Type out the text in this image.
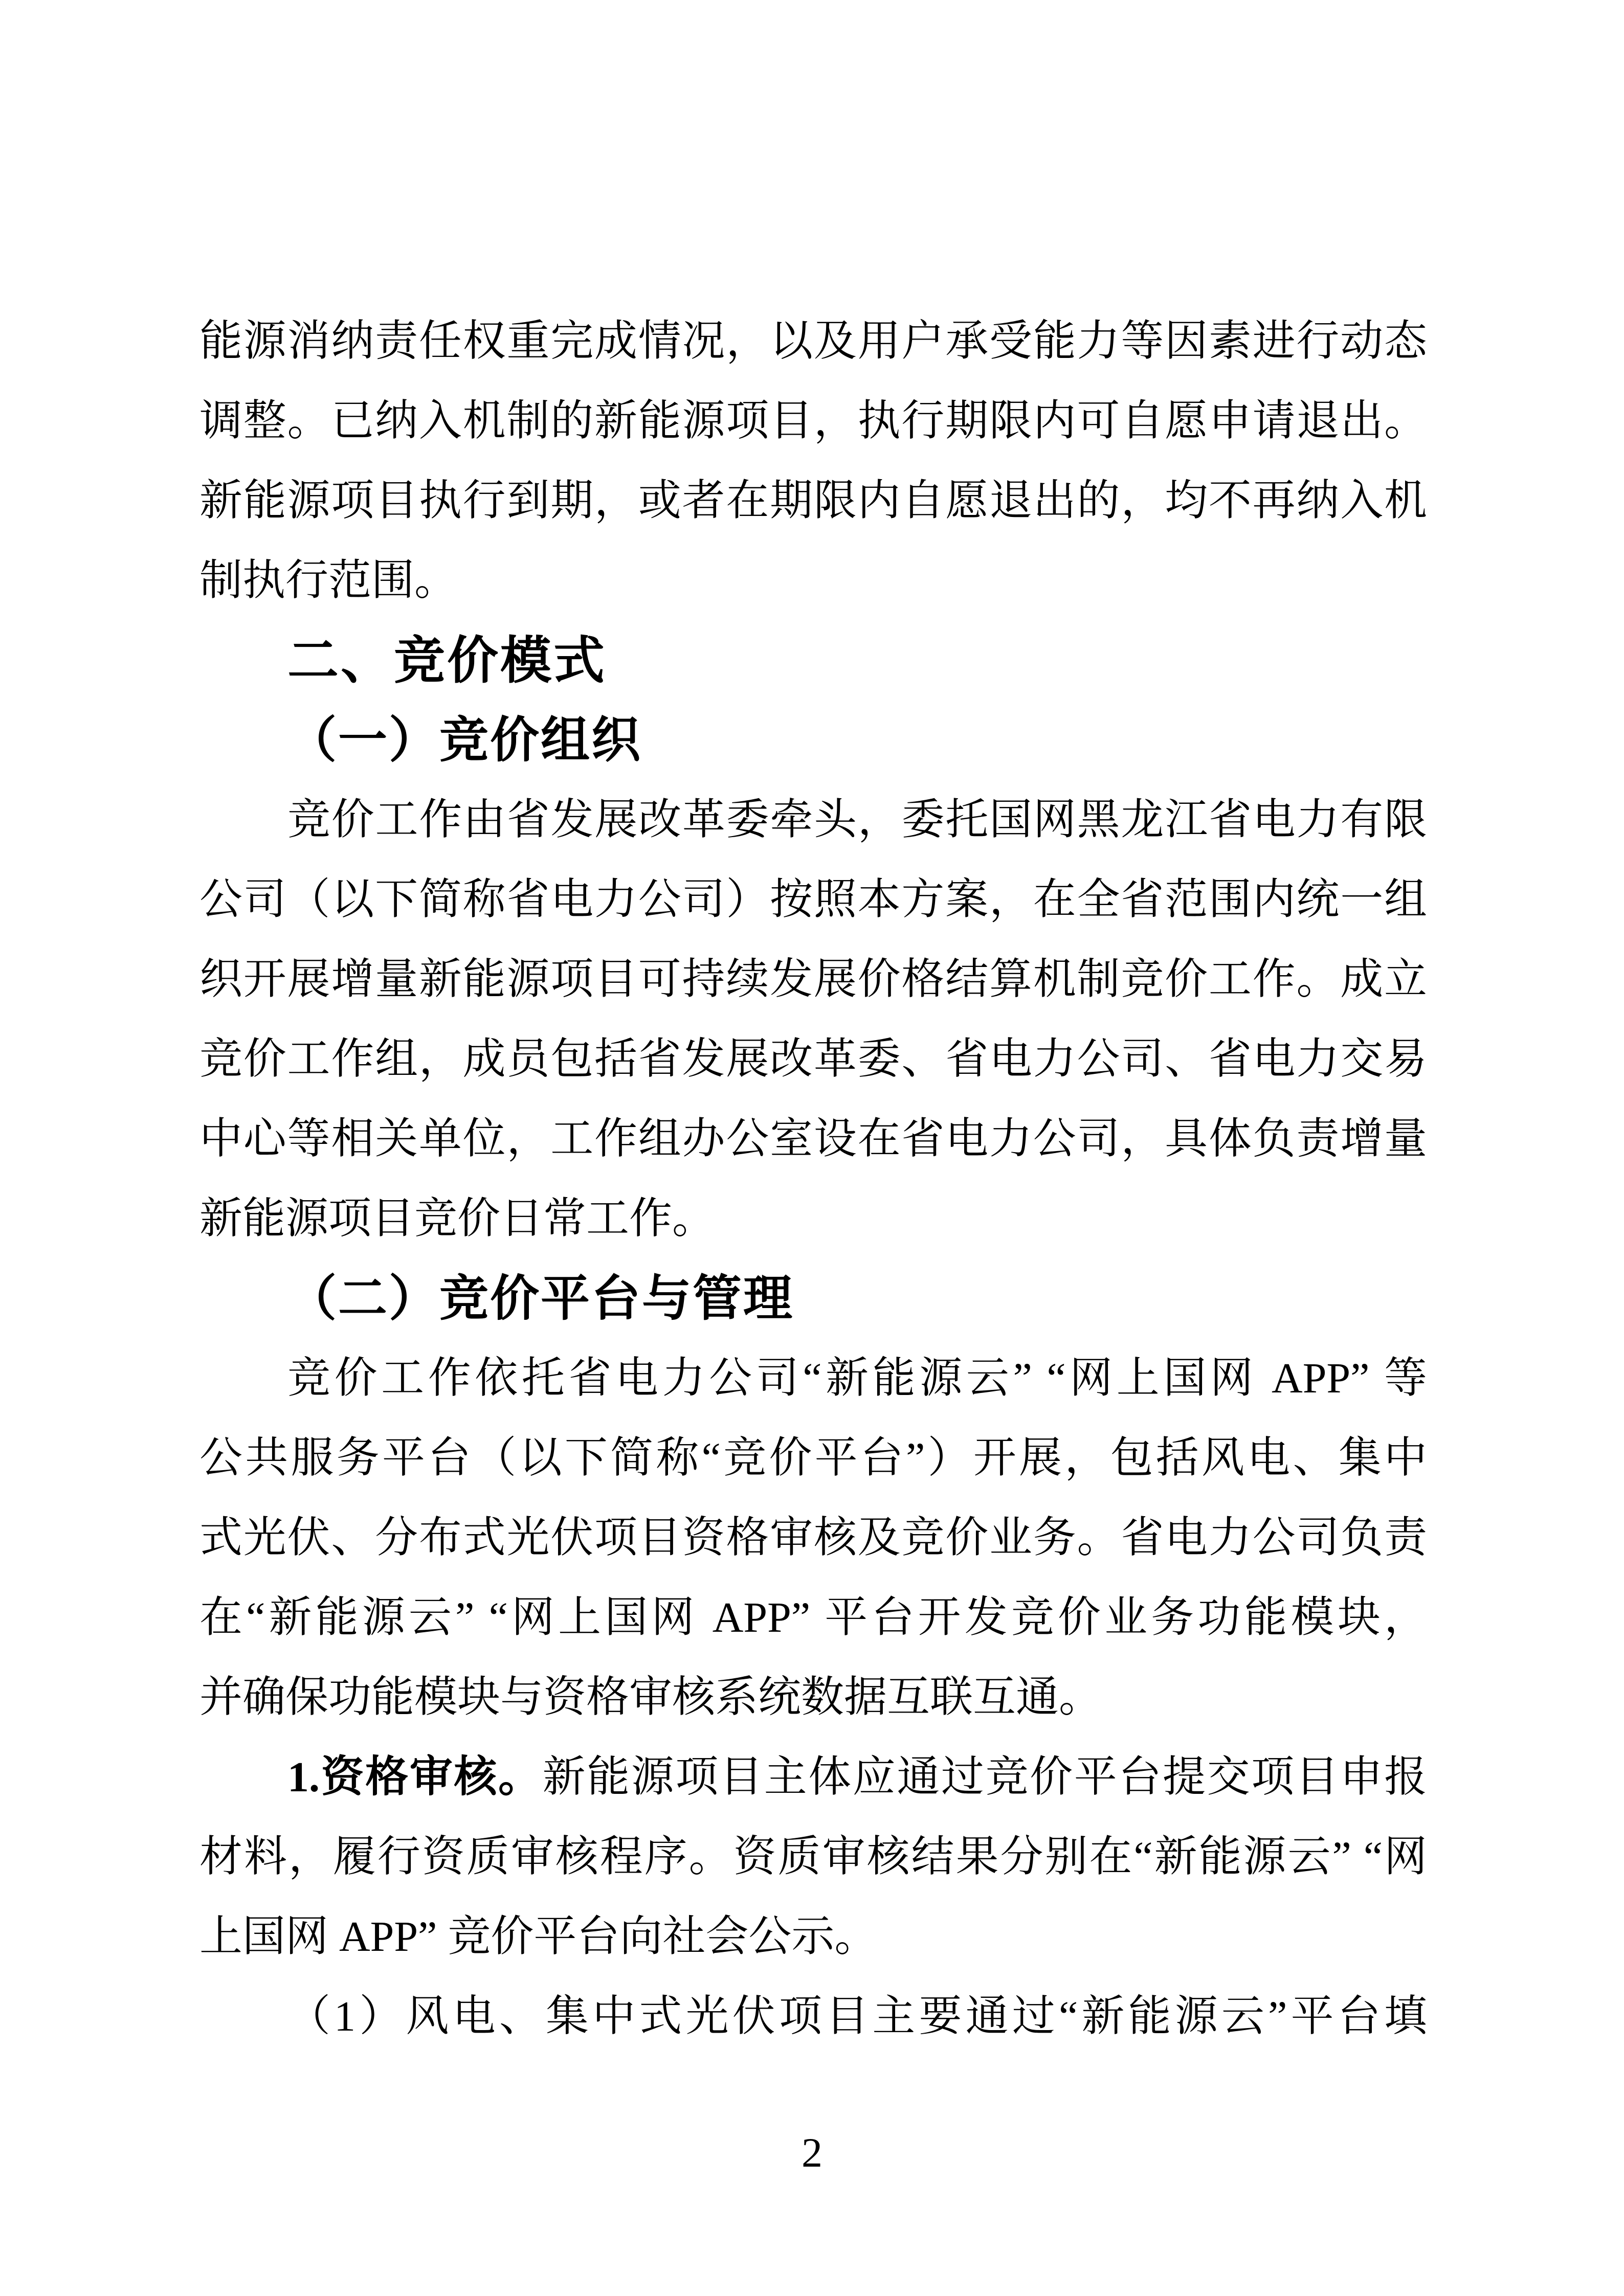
能源消纳责任权重完成情况，以及用户承受能力等因素进行动态
调整。已纳入机制的新能源项目，执行期限内可自愿申请退出。
新能源项目执行到期，或者在期限内自愿退出的，均不再纳入机
制执行范围。
二、竞价模式
（一）竞价组织
竞价工作由省发展改革委牵头，委托国网黑龙江省电力有限
公司（以下简称省电力公司）按照本方案，在全省范围内统一组
织开展增量新能源项目可持续发展价格结算机制竞价工作。成立
竞价工作组，成员包括省发展改革委、省电力公司、省电力交易
中心等相关单位，工作组办公室设在省电力公司，具体负责增量
新能源项目竞价日常工作。
（二）竞价平台与管理
竞价工作依托省电力公司“新能源云” “网上国网 APP” 等
公共服务平台（以下简称“竞价平台”）开展，包括风电、集中
式光伏、分布式光伏项目资格审核及竞价业务。省电力公司负责
在“新能源云” “网上国网 APP” 平台开发竞价业务功能模块，
并确保功能模块与资格审核系统数据互联互通。
1.资格审核。新能源项目主体应通过竞价平台提交项目申报
材料，履行资质审核程序。资质审核结果分别在“新能源云” “网
上国网 APP” 竞价平台向社会公示。
（1）风电、集中式光伏项目主要通过“新能源云”平台填
2
